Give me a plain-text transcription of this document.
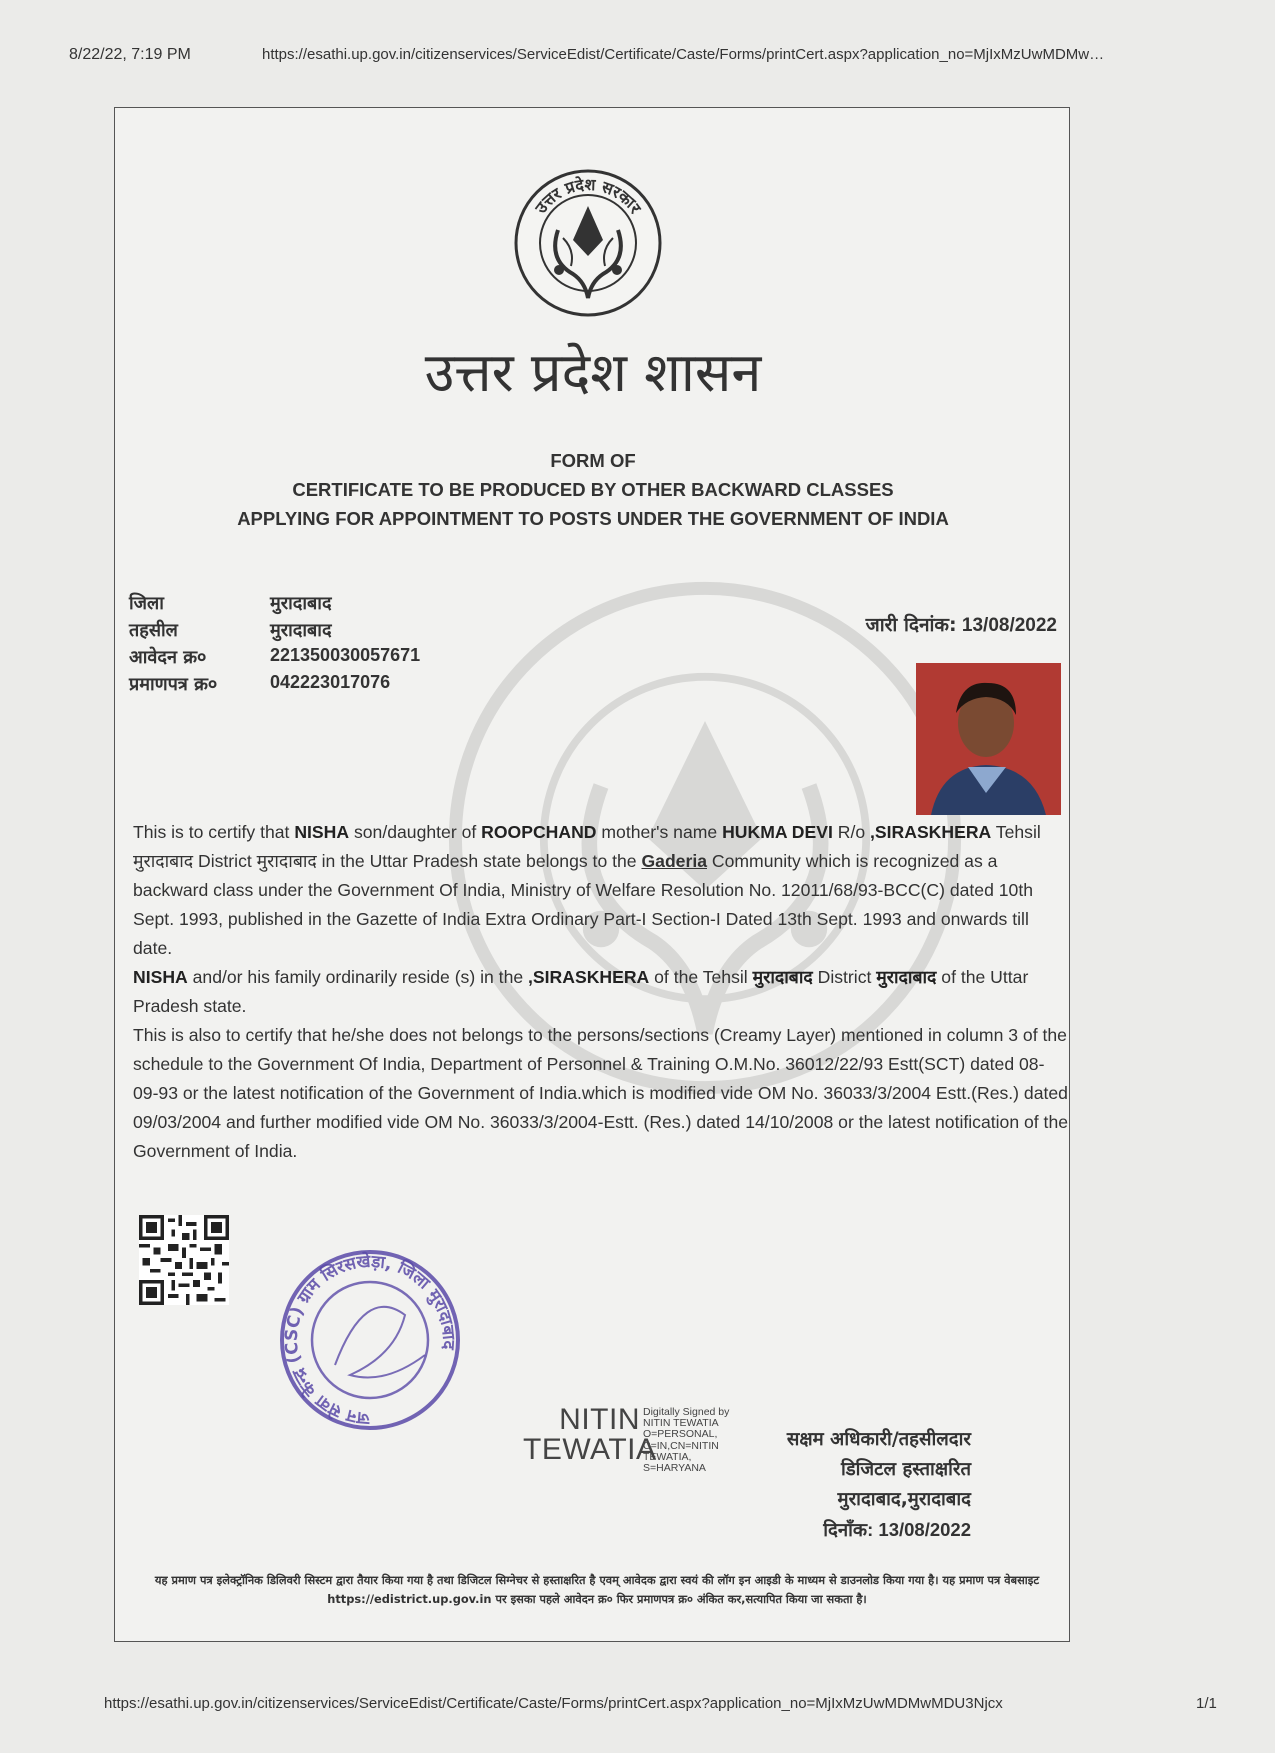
8/22/22, 7:19 PM	https://esathi.up.gov.in/citizenservices/ServiceEdist/Certificate/Caste/Forms/printCert.aspx?application_no=MjIxMzUwMDMw…
उत्तर प्रदेश सरकार
उत्तर प्रदेश शासन
FORM OF
CERTIFICATE TO BE PRODUCED BY OTHER BACKWARD CLASSES
APPLYING FOR APPOINTMENT TO POSTS UNDER THE GOVERNMENT OF INDIA
जिला	मुरादाबाद
तहसील	मुरादाबाद
आवेदन क्र०	221350030057671
प्रमाणपत्र क्र०	042223017076
जारी दिनांक: 13/08/2022

This is to certify that NISHA son/daughter of ROOPCHAND mother's name HUKMA DEVI R/o ,SIRASKHERA Tehsil मुरादाबाद District मुरादाबाद in the Uttar Pradesh state belongs to the Gaderia Community which is recognized as a backward class under the Government Of India, Ministry of Welfare Resolution No. 12011/68/93-BCC(C) dated 10th Sept. 1993, published in the Gazette of India Extra Ordinary Part-I Section-I Dated 13th Sept. 1993 and onwards till date.

NISHA and/or his family ordinarily reside (s) in the ,SIRASKHERA of the Tehsil मुरादाबाद District मुरादाबाद of the Uttar Pradesh state.

This is also to certify that he/she does not belongs to the persons/sections (Creamy Layer) mentioned in column 3 of the schedule to the Government Of India, Department of Personnel & Training O.M.No. 36012/22/93 Estt(SCT) dated 08-09-93 or the latest notification of the Government of India.which is modified vide OM No. 36033/3/2004 Estt.(Res.) dated 09/03/2004 and further modified vide OM No. 36033/3/2004-Estt. (Res.) dated 14/10/2008 or the latest notification of the Government of India.

जन सेवा केन्द्र (CSC) ग्राम सिरसखेड़ा, जिला मुरादाबाद
NITIN
TEWATIA
Digitally Signed by
NITIN TEWATIA
O=PERSONAL,
C=IN,CN=NITIN
TEWATIA,
S=HARYANA
सक्षम अधिकारी/तहसीलदार
डिजिटल हस्ताक्षरित
मुरादाबाद,मुरादाबाद
दिनाँक: 13/08/2022
यह प्रमाण पत्र इलेक्ट्रॉनिक डिलिवरी सिस्टम द्वारा तैयार किया गया है तथा डिजिटल सिग्नेचर से हस्ताक्षरित है एवम् आवेदक द्वारा स्वयं की लॉग इन आइडी के माध्यम से डाउनलोड किया गया है। यह प्रमाण पत्र वेबसाइट https://edistrict.up.gov.in पर इसका पहले आवेदन क्र० फिर प्रमाणपत्र क्र० अंकित कर,सत्यापित किया जा सकता है।
https://esathi.up.gov.in/citizenservices/ServiceEdist/Certificate/Caste/Forms/printCert.aspx?application_no=MjIxMzUwMDMwMDU3Njcx	1/1
